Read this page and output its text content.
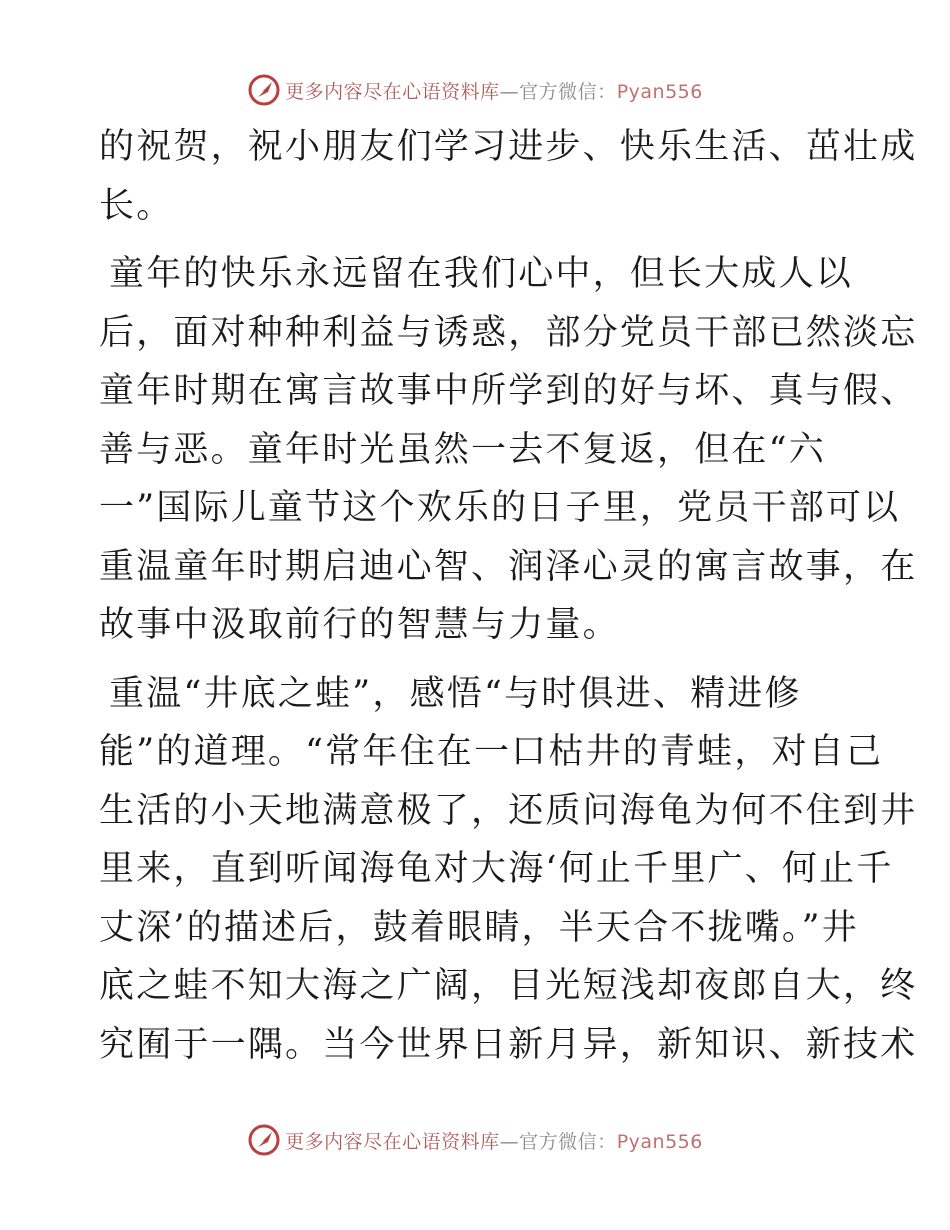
更多内容尽在心语资料库—官方微信：Pyan556
的祝贺，祝小朋友们学习进步、快乐生活、茁壮成
长。
童年的快乐永远留在我们心中，但长大成人以
后，面对种种利益与诱惑，部分党员干部已然淡忘
童年时期在寓言故事中所学到的好与坏、真与假、
善与恶。童年时光虽然一去不复返，但在“六
一”国际儿童节这个欢乐的日子里，党员干部可以
重温童年时期启迪心智、润泽心灵的寓言故事，在
故事中汲取前行的智慧与力量。
重温“井底之蛙”，感悟“与时俱进、精进修
能”的道理。“常年住在一口枯井的青蛙，对自己
生活的小天地满意极了，还质问海龟为何不住到井
里来，直到听闻海龟对大海‘何止千里广、何止千
丈深’的描述后，鼓着眼睛，半天合不拢嘴。”井
底之蛙不知大海之广阔，目光短浅却夜郎自大，终
究囿于一隅。当今世界日新月异，新知识、新技术
更多内容尽在心语资料库—官方微信：Pyan556
